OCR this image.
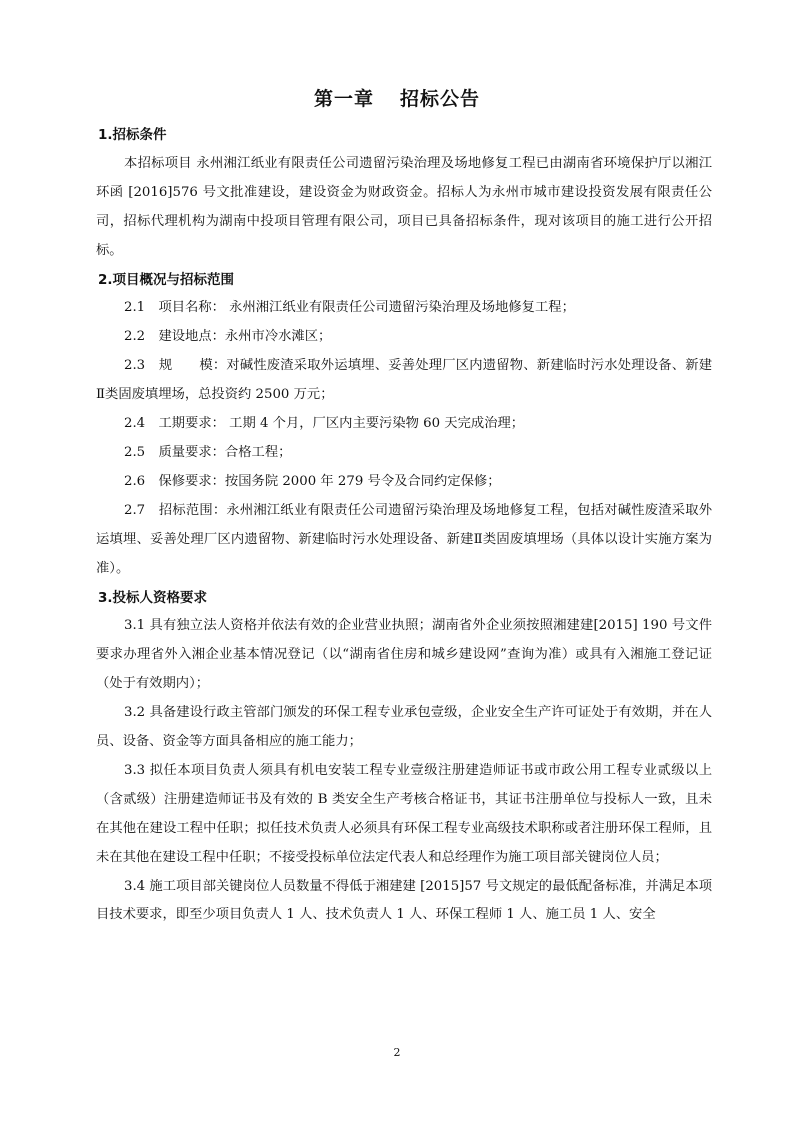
第一章 招标公告

1.招标条件

本招标项目 永州湘江纸业有限责任公司遗留污染治理及场地修复工程已由湖南省环境保护厅以湘江环函 [2016]576 号文批准建设，建设资金为财政资金。招标人为永州市城市建设投资发展有限责任公司，招标代理机构为湖南中投项目管理有限公司，项目已具备招标条件，现对该项目的施工进行公开招标。

2.项目概况与招标范围

2.1　项目名称： 永州湘江纸业有限责任公司遗留污染治理及场地修复工程；

2.2　建设地点：永州市冷水滩区；

2.3　规　　模：对碱性废渣采取外运填埋、妥善处理厂区内遗留物、新建临时污水处理设备、新建Ⅱ类固废填埋场，总投资约 2500 万元；

2.4　工期要求： 工期 4 个月，厂区内主要污染物 60 天完成治理；

2.5　质量要求：合格工程；

2.6　保修要求：按国务院 2000 年 279 号令及合同约定保修；

2.7　招标范围：永州湘江纸业有限责任公司遗留污染治理及场地修复工程，包括对碱性废渣采取外运填埋、妥善处理厂区内遗留物、新建临时污水处理设备、新建Ⅱ类固废填埋场（具体以设计实施方案为准）。

3.投标人资格要求

3.1 具有独立法人资格并依法有效的企业营业执照；湖南省外企业须按照湘建建[2015] 190 号文件要求办理省外入湘企业基本情况登记（以“湖南省住房和城乡建设网”查询为准）或具有入湘施工登记证（处于有效期内）；

3.2 具备建设行政主管部门颁发的环保工程专业承包壹级，企业安全生产许可证处于有效期，并在人员、设备、资金等方面具备相应的施工能力；

3.3 拟任本项目负责人须具有机电安装工程专业壹级注册建造师证书或市政公用工程专业贰级以上（含贰级）注册建造师证书及有效的 B 类安全生产考核合格证书，其证书注册单位与投标人一致，且未在其他在建设工程中任职；拟任技术负责人必须具有环保工程专业高级技术职称或者注册环保工程师，且未在其他在建设工程中任职；不接受投标单位法定代表人和总经理作为施工项目部关键岗位人员；

3.4 施工项目部关键岗位人员数量不得低于湘建建 [2015]57 号文规定的最低配备标准，并满足本项目技术要求，即至少项目负责人 1 人、技术负责人 1 人、环保工程师 1 人、施工员 1 人、安全

2
